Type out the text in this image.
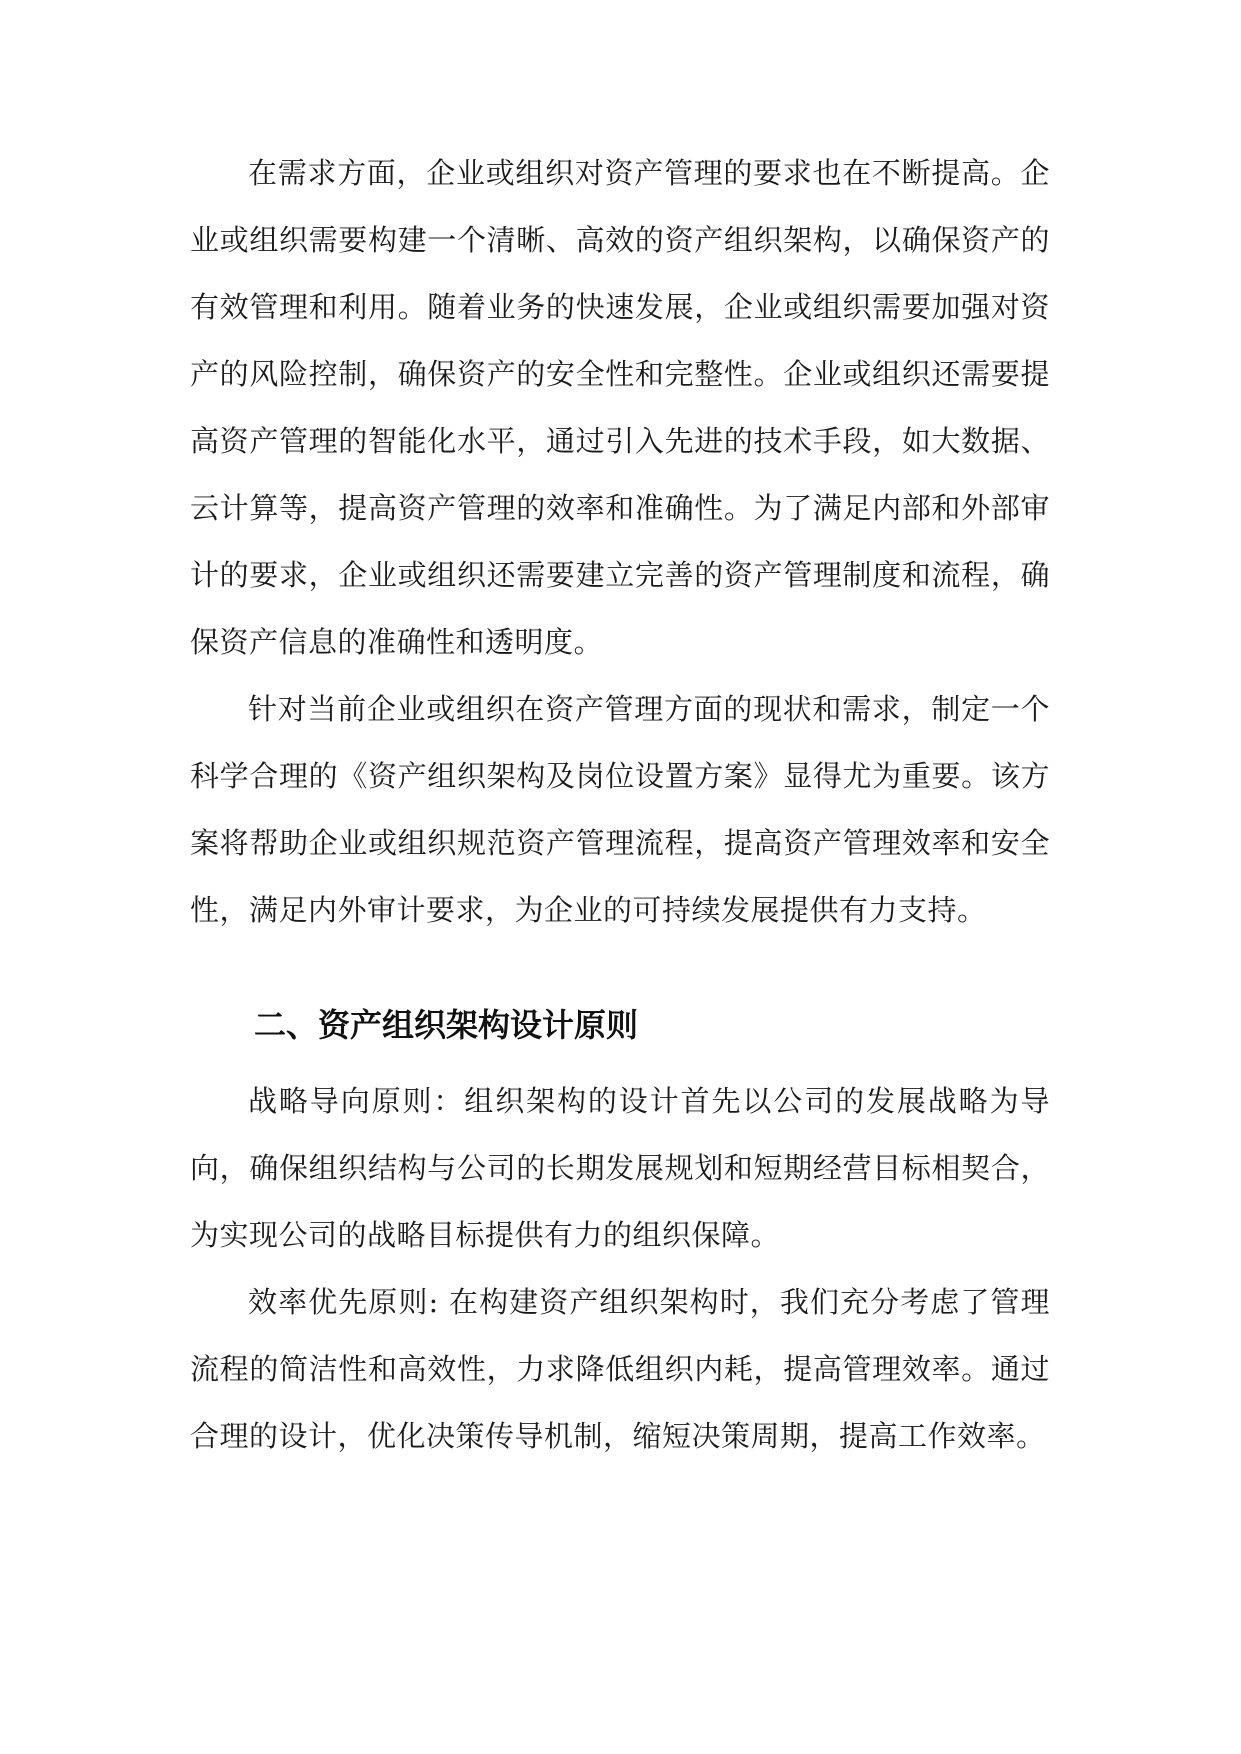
在需求方面，企业或组织对资产管理的要求也在不断提高。企业或组织需要构建一个清晰、高效的资产组织架构，以确保资产的有效管理和利用。随着业务的快速发展，企业或组织需要加强对资产的风险控制，确保资产的安全性和完整性。企业或组织还需要提高资产管理的智能化水平，通过引入先进的技术手段，如大数据、云计算等，提高资产管理的效率和准确性。为了满足内部和外部审计的要求，企业或组织还需要建立完善的资产管理制度和流程，确保资产信息的准确性和透明度。

针对当前企业或组织在资产管理方面的现状和需求，制定一个科学合理的《资产组织架构及岗位设置方案》显得尤为重要。该方案将帮助企业或组织规范资产管理流程，提高资产管理效率和安全性，满足内外审计要求，为企业的可持续发展提供有力支持。

二、资产组织架构设计原则

战略导向原则：组织架构的设计首先以公司的发展战略为导向，确保组织结构与公司的长期发展规划和短期经营目标相契合，为实现公司的战略目标提供有力的组织保障。

效率优先原则: 在构建资产组织架构时，我们充分考虑了管理流程的简洁性和高效性，力求降低组织内耗，提高管理效率。通过合理的设计，优化决策传导机制，缩短决策周期，提高工作效率。
